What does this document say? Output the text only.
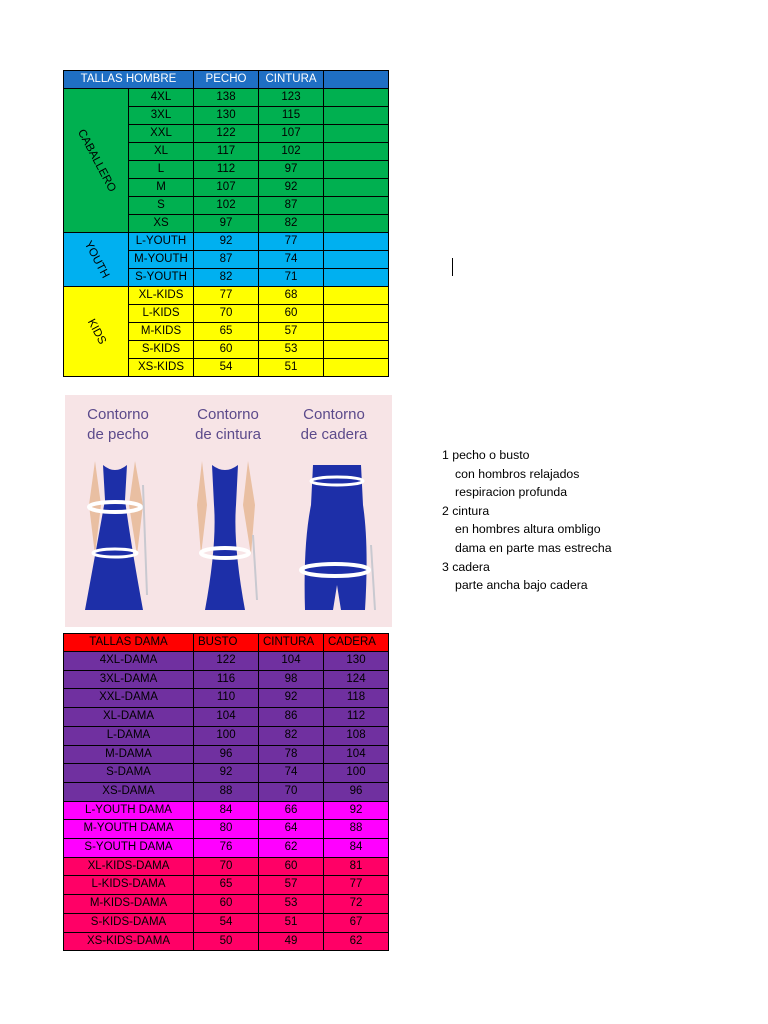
TALLAS HOMBRE		PECHO	CINTURA	

CABALLERO	4XL	138	123	
	3XL	130	115	
	XXL	122	107	
	XL	117	102	
	L	112	97	
	M	107	92	
	S	102	87	
	XS	97	82	

YOUTH	L-YOUTH	92	77	
	M-YOUTH	87	74	
	S-YOUTH	82	71	

KIDS	XL-KIDS	77	68	
	L-KIDS	70	60	
	M-KIDS	65	57	
	S-KIDS	60	53	
	XS-KIDS	54	51	
Contorno
de pecho
Contorno
de cintura
Contorno
de cadera
1 pecho o busto
con hombros relajados
respiracion profunda
2 cintura
en hombres altura ombligo
dama en parte mas estrecha
3 cadera
parte ancha bajo cadera
TALLAS DAMA	BUSTO	CINTURA	CADERA
4XL-DAMA	122	104	130
3XL-DAMA	116	98	124
XXL-DAMA	110	92	118
XL-DAMA	104	86	112
L-DAMA	100	82	108
M-DAMA	96	78	104
S-DAMA	92	74	100
XS-DAMA	88	70	96
L-YOUTH DAMA	84	66	92
M-YOUTH DAMA	80	64	88
S-YOUTH DAMA	76	62	84
XL-KIDS-DAMA	70	60	81
L-KIDS-DAMA	65	57	77
M-KIDS-DAMA	60	53	72
S-KIDS-DAMA	54	51	67
XS-KIDS-DAMA	50	49	62
